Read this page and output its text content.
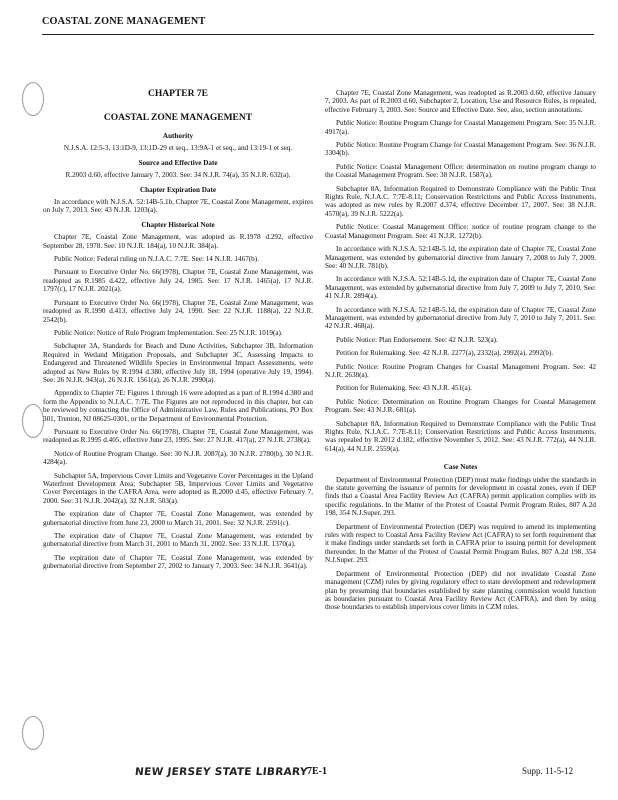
COASTAL ZONE MANAGEMENT
CHAPTER 7E
COASTAL ZONE MANAGEMENT
Authority
N.J.S.A. 12:5-3, 13:1D-9, 13:1D-29 et seq., 13:9A-1 et seq., and 13:19-1 et seq.
Source and Effective Date
R.2003 d.60, effective January 7, 2003. See: 34 N.J.R. 74(a), 35 N.J.R. 632(a).
Chapter Expiration Date

In accordance with N.J.S.A. 52:14B-5.1b, Chapter 7E, Coastal Zone Management, expires on July 7, 2013. See: 43 N.J.R. 1203(a).

Chapter Historical Note

Chapter 7E, Coastal Zone Management, was adopted as R.1978 d.292, effective September 28, 1978. See: 10 N.J.R. 184(a), 10 N.J.R. 384(a).

Public Notice: Federal ruling on N.J.A.C. 7:7E. See: 14 N.J.R. 1467(b).

Pursuant to Executive Order No. 66(1978), Chapter 7E, Coastal Zone Management, was readopted as R.1985 d.422, effective July 24, 1985. See: 17 N.J.R. 1465(a), 17 N.J.R. 1797(c), 17 N.J.R. 2021(a).

Pursuant to Executive Order No. 66(1978), Chapter 7E, Coastal Zone Management, was readopted as R.1990 d.413, effective July 24, 1990. See: 22 N.J.R. 1188(a), 22 N.J.R. 2542(b).

Public Notice: Notice of Rule Program Implementation. See: 25 N.J.R. 1019(a).

Subchapter 3A, Standards for Beach and Dune Activities, Subchapter 3B, Information Required in Wetland Mitigation Proposals, and Subchapter 3C, Assessing Impacts to Endangered and Threatened Wildlife Species in Environmental Impact Assessments, were adopted as New Rules by R.1994 d.380, effective July 18, 1994 (operative July 19, 1994). See: 26 N.J.R. 943(a), 26 N.J.R. 1561(a), 26 N.J.R. 2990(a).

Appendix to Chapter 7E: Figures 1 through 16 were adopted as a part of R.1994 d.380 and form the Appendix to N.J.A.C. 7:7E. The Figures are not reproduced in this chapter, but can be reviewed by contacting the Office of Administrative Law, Rules and Publications, PO Box 301, Trenton, NJ 08625-0301, or the Department of Environmental Protection.

Pursuant to Executive Order No. 66(1978), Chapter 7E, Coastal Zone Management, was readopted as R.1995 d.405, effective June 23, 1995. See: 27 N.J.R. 417(a), 27 N.J.R. 2738(a).

Notice of Routine Program Change. See: 30 N.J.R. 2087(a), 30 N.J.R. 2780(b), 30 N.J.R. 4284(a).

Subchapter 5A, Impervious Cover Limits and Vegetative Cover Percentages in the Upland Waterfront Development Area; Subchapter 5B, Impervious Cover Limits and Vegetative Cover Percentages in the CAFRA Area, were adopted as R.2000 d.45, effective February 7, 2000. See: 31 N.J.R. 2042(a), 32 N.J.R. 503(a).

The expiration date of Chapter 7E, Coastal Zone Management, was extended by gubernatorial directive from June 23, 2000 to March 31, 2001. See: 32 N.J.R. 2591(c).

The expiration date of Chapter 7E, Coastal Zone Management, was extended by gubernatorial directive from March 31, 2001 to March 31, 2002. See: 33 N.J.R. 1370(a).

The expiration date of Chapter 7E, Coastal Zone Management, was extended by gubernatorial directive from September 27, 2002 to January 7, 2003. See: 34 N.J.R. 3641(a).

Chapter 7E, Coastal Zone Management, was readopted as R.2003 d.60, effective January 7, 2003. As part of R.2003 d.60, Subchapter 2, Location, Use and Resource Rules, is repealed, effective February 3, 2003. See: Source and Effective Date. See, also, section annotations.

Public Notice: Routine Program Change for Coastal Management Program. See: 35 N.J.R. 4917(a).

Public Notice: Routine Program Change for Coastal Management Program. See: 36 N.J.R. 3304(b).

Public Notice: Coastal Management Office: determination on routine program change to the Coastal Management Program. See: 38 N.J.R. 1587(a).

Subchapter 8A, Information Required to Demonstrate Compliance with the Public Trust Rights Rule, N.J.A.C. 7:7E-8.11; Conservation Restrictions and Public Access Instruments, was adopted as new rules by R.2007 d.374, effective December 17, 2007. See: 38 N.J.R. 4570(a), 39 N.J.R. 5222(a).

Public Notice: Coastal Management Office: notice of routine program change to the Coastal Management Program. See: 41 N.J.R. 1272(b).

In accordance with N.J.S.A. 52:14B-5.1d, the expiration date of Chapter 7E, Coastal Zone Management, was extended by gubernatorial directive from January 7, 2008 to July 7, 2009. See: 40 N.J.R. 781(b).

In accordance with N.J.S.A. 52:14B-5.1d, the expiration date of Chapter 7E, Coastal Zone Management, was extended by gubernatorial directive from July 7, 2009 to July 7, 2010. See: 41 N.J.R. 2894(a).

In accordance with N.J.S.A. 52:14B-5.1d, the expiration date of Chapter 7E, Coastal Zone Management, was extended by gubernatorial directive from July 7, 2010 to July 7, 2011. See: 42 N.J.R. 468(a).

Public Notice: Plan Endorsement. See: 42 N.J.R. 523(a).

Petition for Rulemaking. See: 42 N.J.R. 2277(a), 2332(a), 2992(a), 2992(b).

Public Notice: Routine Program Changes for Coastal Management Program. See: 42 N.J.R. 2638(a).

Petition for Rulemaking. See: 43 N.J.R. 451(a).

Public Notice: Determination on Routine Program Changes for Coastal Management Program. See: 43 N.J.R. 681(a).

Subchapter 8A, Information Required to Demonstrate Compliance with the Public Trust Rights Rule, N.J.A.C. 7:7E-8.11; Conservation Restrictions and Public Access Instruments, was repealed by R.2012 d.182, effective November 5, 2012. See: 43 N.J.R. 772(a), 44 N.J.R. 614(a), 44 N.J.R. 2559(a).

Case Notes

Department of Environmental Protection (DEP) must make findings under the standards in the statute governing the issuance of permits for development in coastal zones, even if DEP finds that a Coastal Area Facility Review Act (CAFRA) permit application complies with its specific regulations. In the Matter of the Protest of Coastal Permit Program Rules, 807 A.2d 198, 354 N.J.Super. 293.

Department of Environmental Protection (DEP) was required to amend its implementing rules with respect to Coastal Area Facility Review Act (CAFRA) to set forth requirement that it make findings under standards set forth in CAFRA prior to issuing permit for development thereunder. In the Matter of the Protest of Coastal Permit Program Rules, 807 A.2d 198, 354 N.J.Super. 293.

Department of Environmental Protection (DEP) did not invalidate Coastal Zone management (CZM) rules by giving regulatory effect to state development and redevelopment plan by presuming that boundaries established by state planning commission would function as boundaries pursuant to Coastal Area Facility Review Act (CAFRA), and then by using those boundaries to establish impervious cover limits in CZM rules.

NEW JERSEY STATE LIBRARY
7E-1	Supp. 11-5-12
